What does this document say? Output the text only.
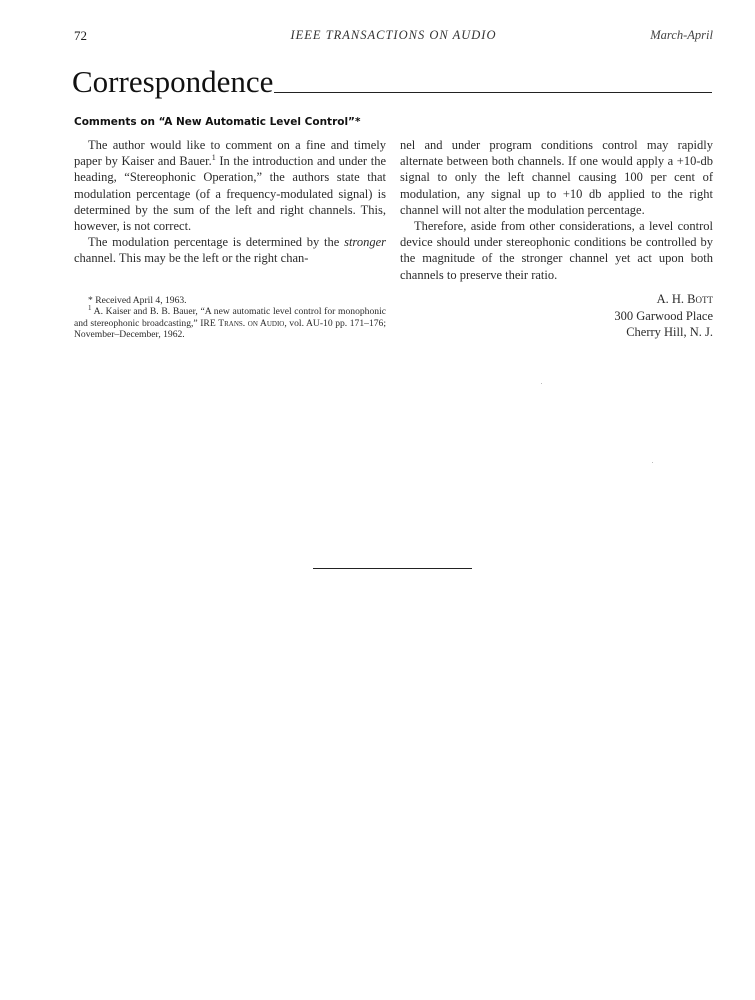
72	IEEE TRANSACTIONS ON AUDIO	March-April
Correspondence
Comments on “A New Automatic Level Control”*

The author would like to comment on a fine and timely paper by Kaiser and Bauer.$^1$ In the introduction and under the heading, “Stereophonic Operation,” the authors state that modulation percentage (of a frequency-modulated signal) is determined by the sum of the left and right channels. This, however, is not correct.

The modulation percentage is determined by the stronger channel. This may be the left or the right chan-

* Received April 4, 1963.

$^1$ A. Kaiser and B. B. Bauer, “A new automatic level control for monophonic and stereophonic broadcasting,” IRE Trans. on Audio, vol. AU-10 pp. 171–176; November–December, 1962.

nel and under program conditions control may rapidly alternate between both channels. If one would apply a +10-db signal to only the left channel causing 100 per cent of modulation, any signal up to +10 db applied to the right channel will not alter the modulation percentage.

Therefore, aside from other considerations, a level control device should under stereophonic conditions be controlled by the magnitude of the stronger channel yet act upon both channels to preserve their ratio.

A. H. Bott
300 Garwood Place
Cherry Hill, N. J.
